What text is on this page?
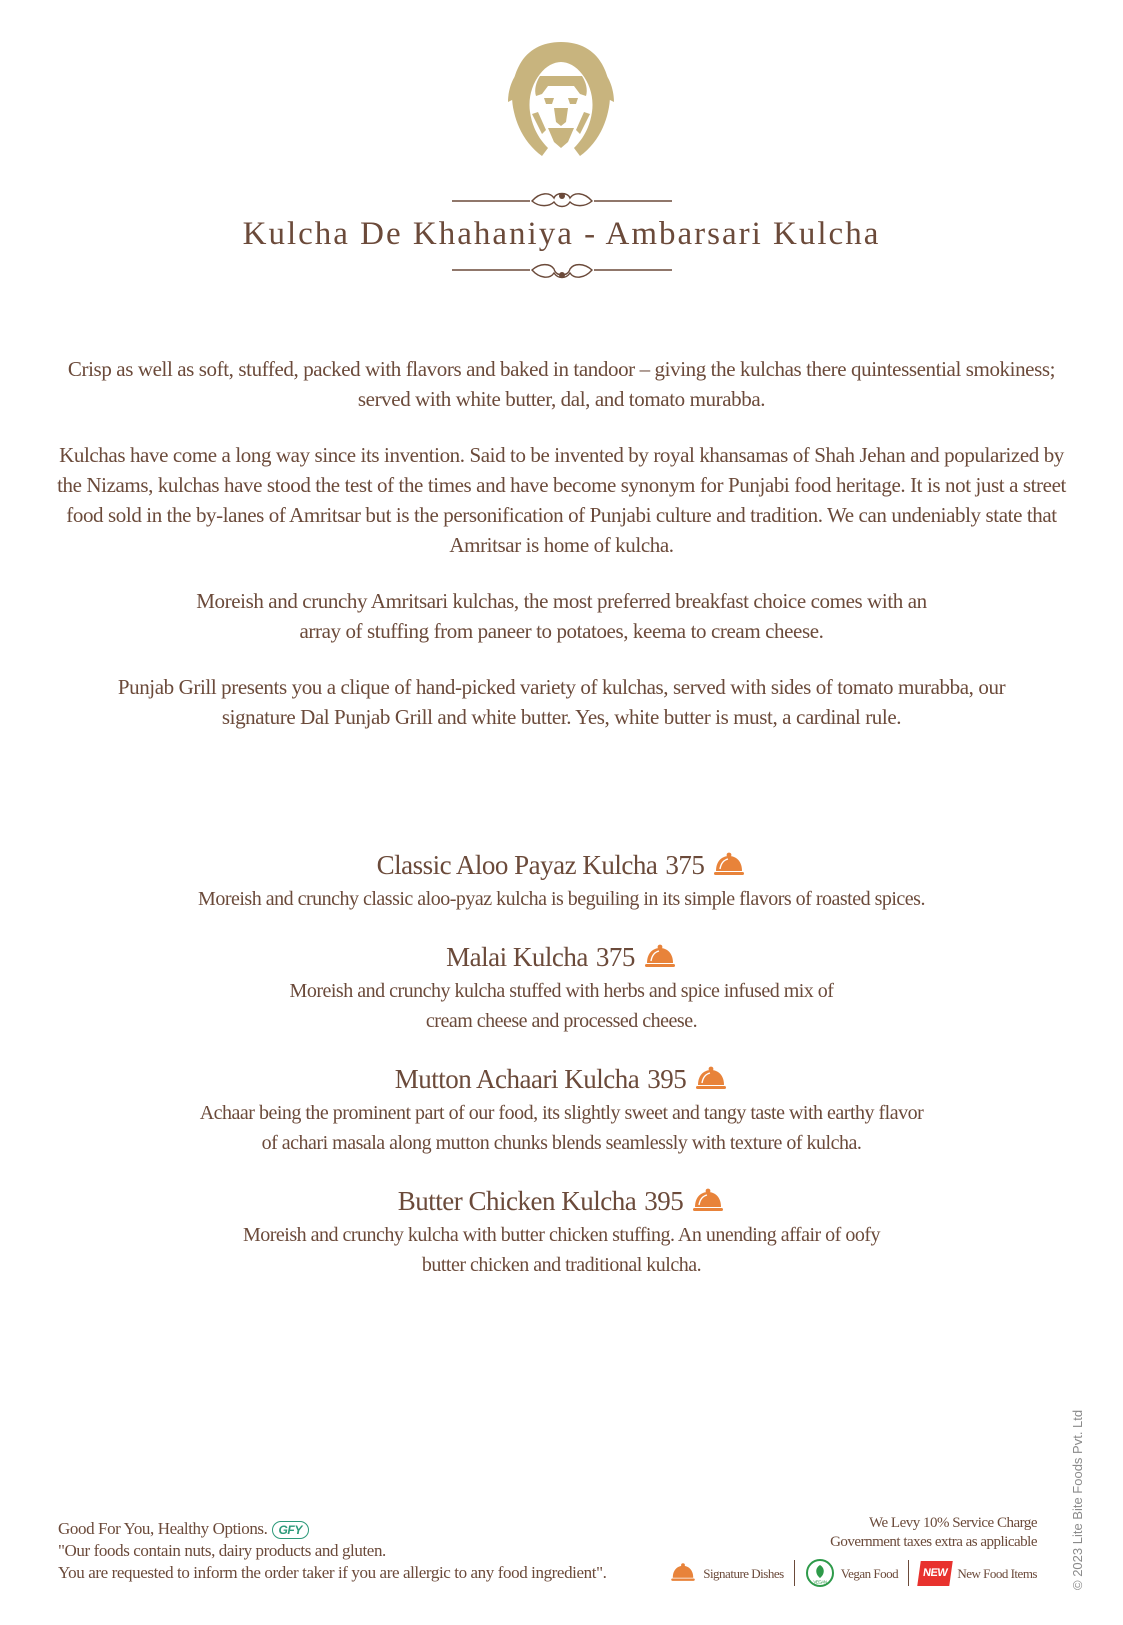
Kulcha De Khahaniya - Ambarsari Kulcha

Crisp as well as soft, stuffed, packed with flavors and baked in tandoor – giving the kulchas there quintessential smokiness; served with white butter, dal, and tomato murabba.

Kulchas have come a long way since its invention. Said to be invented by royal khansamas of Shah Jehan and popularized by the Nizams, kulchas have stood the test of the times and have become synonym for Punjabi food heritage. It is not just a street food sold in the by-lanes of Amritsar but is the personification of Punjabi culture and tradition. We can undeniably state that Amritsar is home of kulcha.

Moreish and crunchy Amritsari kulchas, the most preferred breakfast choice comes with an array of stuffing from paneer to potatoes, keema to cream cheese.

Punjab Grill presents you a clique of hand-picked variety of kulchas, served with sides of tomato murabba, our signature Dal Punjab Grill and white butter. Yes, white butter is must, a cardinal rule.

Classic Aloo Payaz Kulcha 375
Moreish and crunchy classic aloo-pyaz kulcha is beguiling in its simple flavors of roasted spices.
Malai Kulcha 375
Moreish and crunchy kulcha stuffed with herbs and spice infused mix of cream cheese and processed cheese.
Mutton Achaari Kulcha 395
Achaar being the prominent part of our food, its slightly sweet and tangy taste with earthy flavor of achari masala along mutton chunks blends seamlessly with texture of kulcha.
Butter Chicken Kulcha 395
Moreish and crunchy kulcha with butter chicken stuffing. An unending affair of oofy butter chicken and traditional kulcha.
Good For You, Healthy Options. GFY
"Our foods contain nuts, dairy products and gluten.
You are requested to inform the order taker if you are allergic to any food ingredient".
We Levy 10% Service Charge
Government taxes extra as applicable
Signature Dishes
VEGAN
Vegan Food	NEW New Food Items	© 2023 Lite Bite Foods Pvt. Ltd
